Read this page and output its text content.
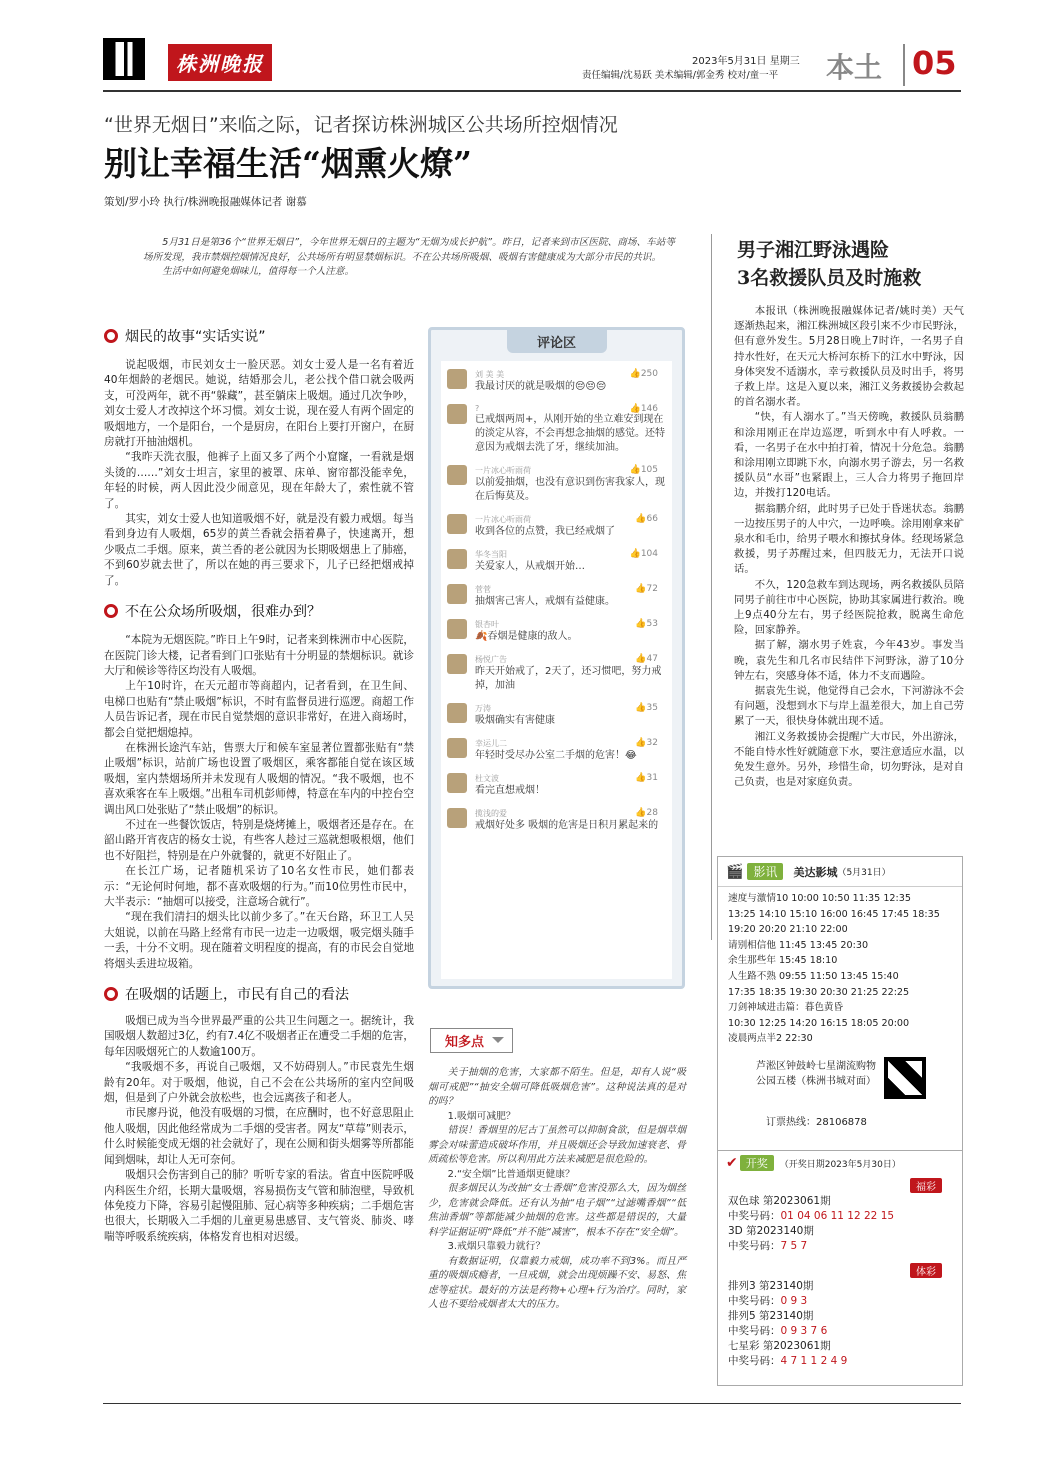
株洲晚报	2023年5月31日 星期三
责任编辑/沈易跃 美术编辑/郭金秀 校对/童一平 本土 05
“世界无烟日”来临之际，记者探访株洲城区公共场所控烟情况
别让幸福生活“烟熏火燎”
策划/罗小玲 执行/株洲晚报融媒体记者 谢慕

5月31日是第36个“世界无烟日”，今年世界无烟日的主题为“无烟为成长护航”。昨日，记者来到市区医院、商场、车站等场所发现，我市禁烟控烟情况良好，公共场所有明显禁烟标识。不在公共场所吸烟、吸烟有害健康成为大部分市民的共识。

生活中如何避免烟味儿，值得每一个人注意。

烟民的故事“实话实说”

说起吸烟，市民刘女士一脸厌恶。刘女士爱人是一名有着近40年烟龄的老烟民。她说，结婚那会儿，老公找个借口就会吸两支，可没两年，就不再“躲藏”，甚至躺床上吸烟。通过几次争吵，刘女士爱人才改掉这个坏习惯。刘女士说，现在爱人有两个固定的吸烟地方，一个是阳台，一个是厨房，在阳台上要打开窗户，在厨房就打开抽油烟机。

“我昨天洗衣服，他裤子上面又多了两个小窟窿，一看就是烟头烫的……”刘女士坦言，家里的被罩、床单、窗帘都没能幸免，年轻的时候，两人因此没少闹意见，现在年龄大了，索性就不管了。

其实，刘女士爱人也知道吸烟不好，就是没有毅力戒烟。每当看到身边有人吸烟，65岁的黄兰香就会捂着鼻子，快速离开，想少吸点二手烟。原来，黄兰香的老公就因为长期吸烟患上了肺癌，不到60岁就去世了，所以在她的再三要求下，儿子已经把烟戒掉了。

不在公众场所吸烟，很难办到？

“本院为无烟医院。”昨日上午9时，记者来到株洲市中心医院，在医院门诊大楼，记者看到门口张贴有十分明显的禁烟标识。就诊大厅和候诊等待区均没有人吸烟。

上午10时许，在天元超市等商超内，记者看到，在卫生间、电梯口也贴有“禁止吸烟”标识，不时有监督员进行巡逻。商超工作人员告诉记者，现在市民自觉禁烟的意识非常好，在进入商场时，都会自觉把烟熄掉。

在株洲长途汽车站，售票大厅和候车室显著位置都张贴有“禁止吸烟”标识，站前广场也设置了吸烟区，乘客都能自觉在该区域吸烟，室内禁烟场所并未发现有人吸烟的情况。“我不吸烟，也不喜欢乘客在车上吸烟。”出租车司机彭师傅，特意在车内的中控台空调出风口处张贴了“禁止吸烟”的标识。

不过在一些餐饮饭店，特别是烧烤摊上，吸烟者还是存在。在韶山路开宵夜店的杨女士说，有些客人趁过三巡就想吸根烟，他们也不好阻拦，特别是在户外就餐的，就更不好阻止了。

在长江广场，记者随机采访了10名女性市民，她们都表示：“无论何时何地，都不喜欢吸烟的行为。”而10位男性市民中，大半表示：“抽烟可以接受，注意场合就行”。

“现在我们清扫的烟头比以前少多了。”在天台路，环卫工人吴大姐说，以前在马路上经常有市民一边走一边吸烟，吸完烟头随手一丢，十分不文明。现在随着文明程度的提高，有的市民会自觉地将烟头丢进垃圾箱。

在吸烟的话题上，市民有自己的看法

吸烟已成为当今世界最严重的公共卫生问题之一。据统计，我国吸烟人数超过3亿，约有7.4亿不吸烟者正在遭受二手烟的危害，每年因吸烟死亡的人数逾100万。

“我吸烟不多，再说自己吸烟，又不妨碍别人。”市民袁先生烟龄有20年。对于吸烟，他说，自己不会在公共场所的室内空间吸烟，但是到了户外就会放松些，也会远离孩子和老人。

市民廖丹说，他没有吸烟的习惯，在应酬时，也不好意思阻止他人吸烟，因此他经常成为二手烟的受害者。网友“草莓”则表示，什么时候能变成无烟的社会就好了，现在公厕和街头烟雾等所都能闻到烟味，却让人无可奈何。

吸烟只会伤害到自己的肺？听听专家的看法。省直中医院呼吸内科医生介绍，长期大量吸烟，容易损伤支气管和肺泡壁，导致机体免疫力下降，容易引起慢阻肺、冠心病等多种疾病；二手烟危害也很大，长期吸入二手烟的儿童更易患感冒、支气管炎、肺炎、哮喘等呼吸系统疾病，体格发育也相对迟缓。

评论区
刘 美 美
我最讨厌的就是吸烟的😔😔😔
👍250
?
已戒烟两周+，从刚开始的坐立难安到现在的淡定从容，不会再想念抽烟的感觉。还特意因为戒烟去洗了牙，继续加油。
👍146
一片冰心听雨荷
以前爱抽烟，也没有意识到伤害我家人，现在后悔莫及。
👍105
一片冰心听雨荷
收到各位的点赞，我已经戒烟了
👍66
华冬当阳
关爱家人，从戒烟开始…
👍104
菅菅
抽烟害己害人，戒烟有益健康。
👍72
银杏叶
🍂吞烟是健康的敌人。
👍53
杨悦广告
昨天开始戒了，2天了，还习惯吧，努力戒掉，加油
👍47
万涛
吸烟确实有害健康
👍35
幸运儿二
年轻时受尽办公室二手烟的危害！😂
👍32
杜文波
看完直想戒烟！
👍31
揽浅的爱
戒烟好处多 吸烟的危害是日积月累起来的
👍28
知多点

关于抽烟的危害，大家都不陌生。但是，却有人说“吸烟可戒肥”“抽安全烟可降低吸烟危害”。这种说法真的是对的吗？

1.吸烟可减肥？

错误！香烟里的尼古丁虽然可以抑制食欲，但是烟草烟雾会对味蕾造成破坏作用，并且吸烟还会导致加速衰老、骨质疏松等危害。所以利用此方法来减肥是很危险的。

2.“安全烟”比普通烟更健康？

很多烟民认为改抽“女士香烟”危害没那么大，因为烟丝少，危害就会降低。还有认为抽“电子烟”“过滤嘴香烟”“低焦油香烟”等都能减少抽烟的危害。这些都是错误的，大量科学证据证明“降低”并不能“减害”，根本不存在“安全烟”。

3.戒烟只靠毅力就行？

有数据证明，仅靠毅力戒烟，成功率不到3%。而且严重的吸烟成瘾者，一旦戒烟，就会出现烦躁不安、易怒、焦虑等症状。最好的方法是药物+心理+行为治疗。同时，家人也不要给戒烟者太大的压力。

男子湘江野泳遇险
3名救援队员及时施救

本报讯（株洲晚报融媒体记者/姚时美）天气逐渐热起来，湘江株洲城区段引来不少市民野泳，但有意外发生。5月28日晚上7时许，一名男子自持水性好，在天元大桥河东桥下的江水中野泳，因身体突发不适溺水，幸亏救援队员及时出手，将男子救上岸。这是入夏以来，湘江义务救援协会救起的首名溺水者。

“快，有人溺水了。”当天傍晚，救援队员翁鹏和涂用刚正在岸边巡逻，听到水中有人呼救。一看，一名男子在水中拍打着，情况十分危急。翁鹏和涂用刚立即跳下水，向溺水男子游去，另一名救援队员“水哥”也紧跟上，三人合力将男子拖回岸边，并拨打120电话。

据翁鹏介绍，此时男子已处于昏迷状态。翁鹏一边按压男子的人中穴，一边呼唤。涂用刚拿来矿泉水和毛巾，给男子喂水和擦拭身体。经现场紧急救援，男子苏醒过来，但四肢无力，无法开口说话。

不久，120急救车到达现场，两名救援队员陪同男子前往市中心医院，协助其家属进行救治。晚上9点40分左右，男子经医院抢救，脱离生命危险，回家静养。

据了解，溺水男子姓袁，今年43岁。事发当晚，袁先生和几名市民结伴下河野泳，游了10分钟左右，突感身体不适，体力不支而遇险。

据袁先生说，他觉得自己会水，下河游泳不会有问题，没想到水下与岸上温差很大，加上自己劳累了一天，很快身体就出现不适。

湘江义务救援协会提醒广大市民，外出游泳，不能自恃水性好就随意下水，要注意适应水温，以免发生意外。另外，珍惜生命，切勿野泳，是对自己负责，也是对家庭负责。

🎬 影讯	美达影城 （5月31日）
速度与激情10 10:00 10:50 11:35 12:35
13:25 14:10 15:10 16:00 16:45 17:45 18:35
19:20 20:20 21:10 22:00
请别相信他 11:45 13:45 20:30
余生那些年 15:45 18:10
人生路不熟 09:55 11:50 13:45 15:40
17:35 18:35 19:30 20:30 21:25 22:25
刀剑神域进击篇：暮色黄昏
10:30 12:25 14:20 16:15 18:05 20:00
凌晨两点半2 22:30
芦淞区钟鼓岭七星湖流购物公园五楼（株洲书城对面）
订票热线：28106878
✔ 开奖	（开奖日期2023年5月30日）
福彩
双色球 第2023061期
中奖号码：01 04 06 11 12 22 15
3D 第2023140期
中奖号码：7 5 7
体彩
排列3 第23140期
中奖号码：0 9 3
排列5 第23140期
中奖号码：0 9 3 7 6
七星彩 第2023061期
中奖号码：4 7 1 1 2 4 9
